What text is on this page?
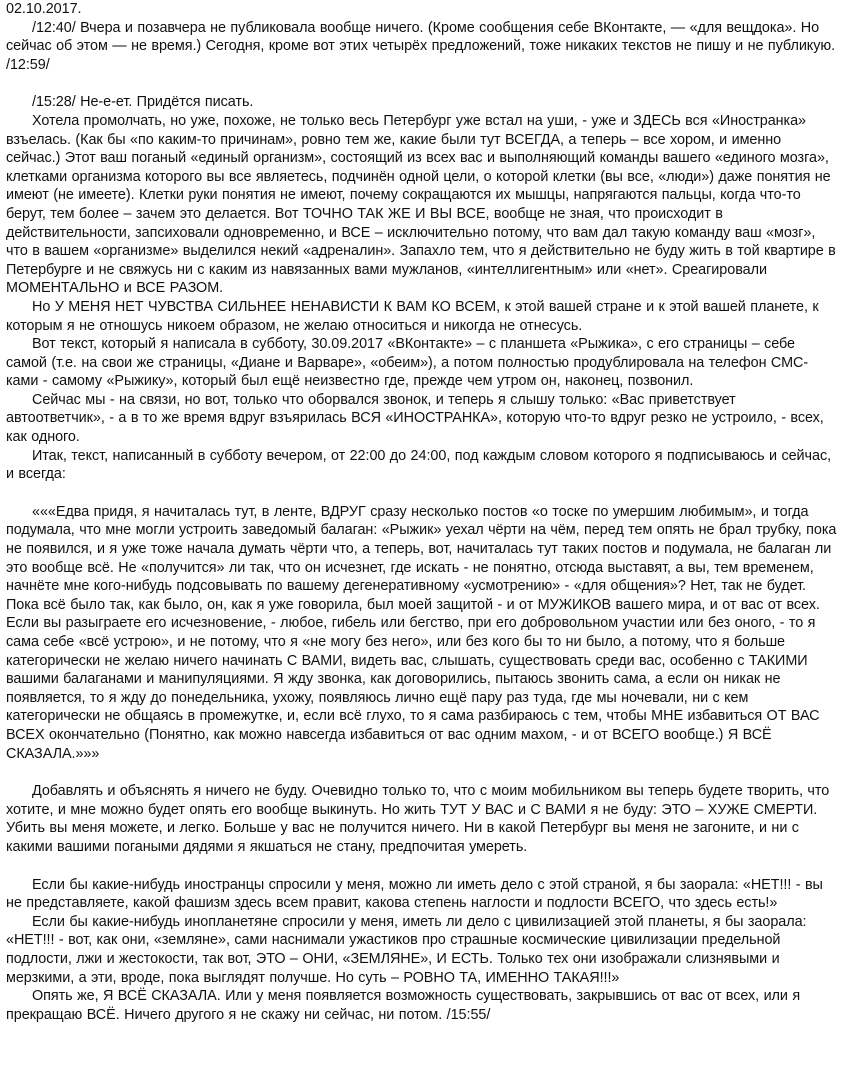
02.10.2017.

/12:40/ Вчера и позавчера не публиковала вообще ничего. (Кроме сообщения себе ВКонтакте, — «для вещдока». Но сейчас об этом — не время.) Сегодня, кроме вот этих четырёх предложений, тоже никаких текстов не пишу и не публикую. /12:59/

/15:28/ Не-е-ет. Придётся писать.

Хотела промолчать, но уже, похоже, не только весь Петербург уже встал на уши, - уже и ЗДЕСЬ вся «Иностранка» взъелась. (Как бы «по каким-то причинам», ровно тем же, какие были тут ВСЕГДА, а теперь – все хором, и именно сейчас.) Этот ваш поганый «единый организм», состоящий из всех вас и выполняющий команды вашего «единого мозга», клетками организма которого вы все являетесь, подчинён одной цели, о которой клетки (вы все, «люди») даже понятия не имеют (не имеете). Клетки руки понятия не имеют, почему сокращаются их мышцы, напрягаются пальцы, когда что-то берут, тем более – зачем это делается. Вот ТОЧНО ТАК ЖЕ И ВЫ ВСЕ, вообще не зная, что происходит в действительности, запсиховали одновременно, и ВСЕ – исключительно потому, что вам дал такую команду ваш «мозг», что в вашем «организме» выделился некий «адреналин». Запахло тем, что я действительно не буду жить в той квартире в Петербурге и не свяжусь ни с каким из навязанных вами мужланов, «интеллигентным» или «нет». Среагировали МОМЕНТАЛЬНО и ВСЕ РАЗОМ.

Но У МЕНЯ НЕТ ЧУВСТВА СИЛЬНЕЕ НЕНАВИСТИ К ВАМ КО ВСЕМ, к этой вашей стране и к этой вашей планете, к которым я не отношусь никоем образом, не желаю относиться и никогда не отнесусь.

Вот текст, который я написала в субботу, 30.09.2017 «ВКонтакте» – с планшета «Рыжика», с его страницы – себе самой (т.е. на свои же страницы, «Диане и Варваре», «обеим»), а потом полностью продублировала на телефон СМС-ками - самому «Рыжику», который был ещё неизвестно где, прежде чем утром он, наконец, позвонил.

Сейчас мы - на связи, но вот, только что оборвался звонок, и теперь я слышу только: «Вас приветствует автоответчик», - а в то же время вдруг взъярилась ВСЯ «ИНОСТРАНКА», которую что-то вдруг резко не устроило, - всех, как одного.

Итак, текст, написанный в субботу вечером, от 22:00 до 24:00, под каждым словом которого я подписываюсь и сейчас, и всегда:

«««Едва придя, я начиталась тут, в ленте, ВДРУГ сразу несколько постов «о тоске по умершим любимым», и тогда подумала, что мне могли устроить заведомый балаган: «Рыжик» уехал чёрти на чём, перед тем опять не брал трубку, пока не появился, и я уже тоже начала думать чёрти что, а теперь, вот, начиталась тут таких постов и подумала, не балаган ли это вообще всё. Не «получится» ли так, что он исчезнет, где искать - не понятно, отсюда выставят, а вы, тем временем, начнёте мне кого-нибудь подсовывать по вашему дегенеративному «усмотрению» - «для общения»? Нет, так не будет. Пока всё было так, как было, он, как я уже говорила, был моей защитой - и от МУЖИКОВ вашего мира, и от вас от всех. Если вы разыграете его исчезновение, - любое, гибель или бегство, при его добровольном участии или без оного, - то я сама себе «всё устрою», и не потому, что я «не могу без него», или без кого бы то ни было, а потому, что я больше категорически не желаю ничего начинать С ВАМИ, видеть вас, слышать, существовать среди вас, особенно с ТАКИМИ вашими балаганами и манипуляциями. Я жду звонка, как договорились, пытаюсь звонить сама, а если он никак не появляется, то я жду до понедельника, ухожу, появляюсь лично ещё пару раз туда, где мы ночевали, ни с кем категорически не общаясь в промежутке, и, если всё глухо, то я сама разбираюсь с тем, чтобы МНЕ избавиться ОТ ВАС ВСЕХ окончательно (Понятно, как можно навсегда избавиться от вас одним махом, - и от ВСЕГО вообще.) Я ВСЁ СКАЗАЛА.»»»

Добавлять и объяснять я ничего не буду. Очевидно только то, что с моим мобильником вы теперь будете творить, что хотите, и мне можно будет опять его вообще выкинуть. Но жить ТУТ У ВАС и С ВАМИ я не буду: ЭТО – ХУЖЕ СМЕРТИ. Убить вы меня можете, и легко. Больше у вас не получится ничего. Ни в какой Петербург вы меня не загоните, и ни с какими вашими погаными дядями я якшаться не стану, предпочитая умереть.

Если бы какие-нибудь иностранцы спросили у меня, можно ли иметь дело с этой страной, я бы заорала: «НЕТ!!! - вы не представляете, какой фашизм здесь всем правит, какова степень наглости и подлости ВСЕГО, что здесь есть!»

Если бы какие-нибудь инопланетяне спросили у меня, иметь ли дело с цивилизацией этой планеты, я бы заорала: «НЕТ!!! - вот, как они, «земляне», сами наснимали ужастиков про страшные космические цивилизации предельной подлости, лжи и жестокости, так вот, ЭТО – ОНИ, «ЗЕМЛЯНЕ», И ЕСТЬ. Только тех они изображали слизнявыми и мерзкими, а эти, вроде, пока выглядят получше. Но суть – РОВНО ТА, ИМЕННО ТАКАЯ!!!»

Опять же, Я ВСЁ СКАЗАЛА. Или у меня появляется возможность существовать, закрывшись от вас от всех, или я прекращаю ВСЁ. Ничего другого я не скажу ни сейчас, ни потом. /15:55/
